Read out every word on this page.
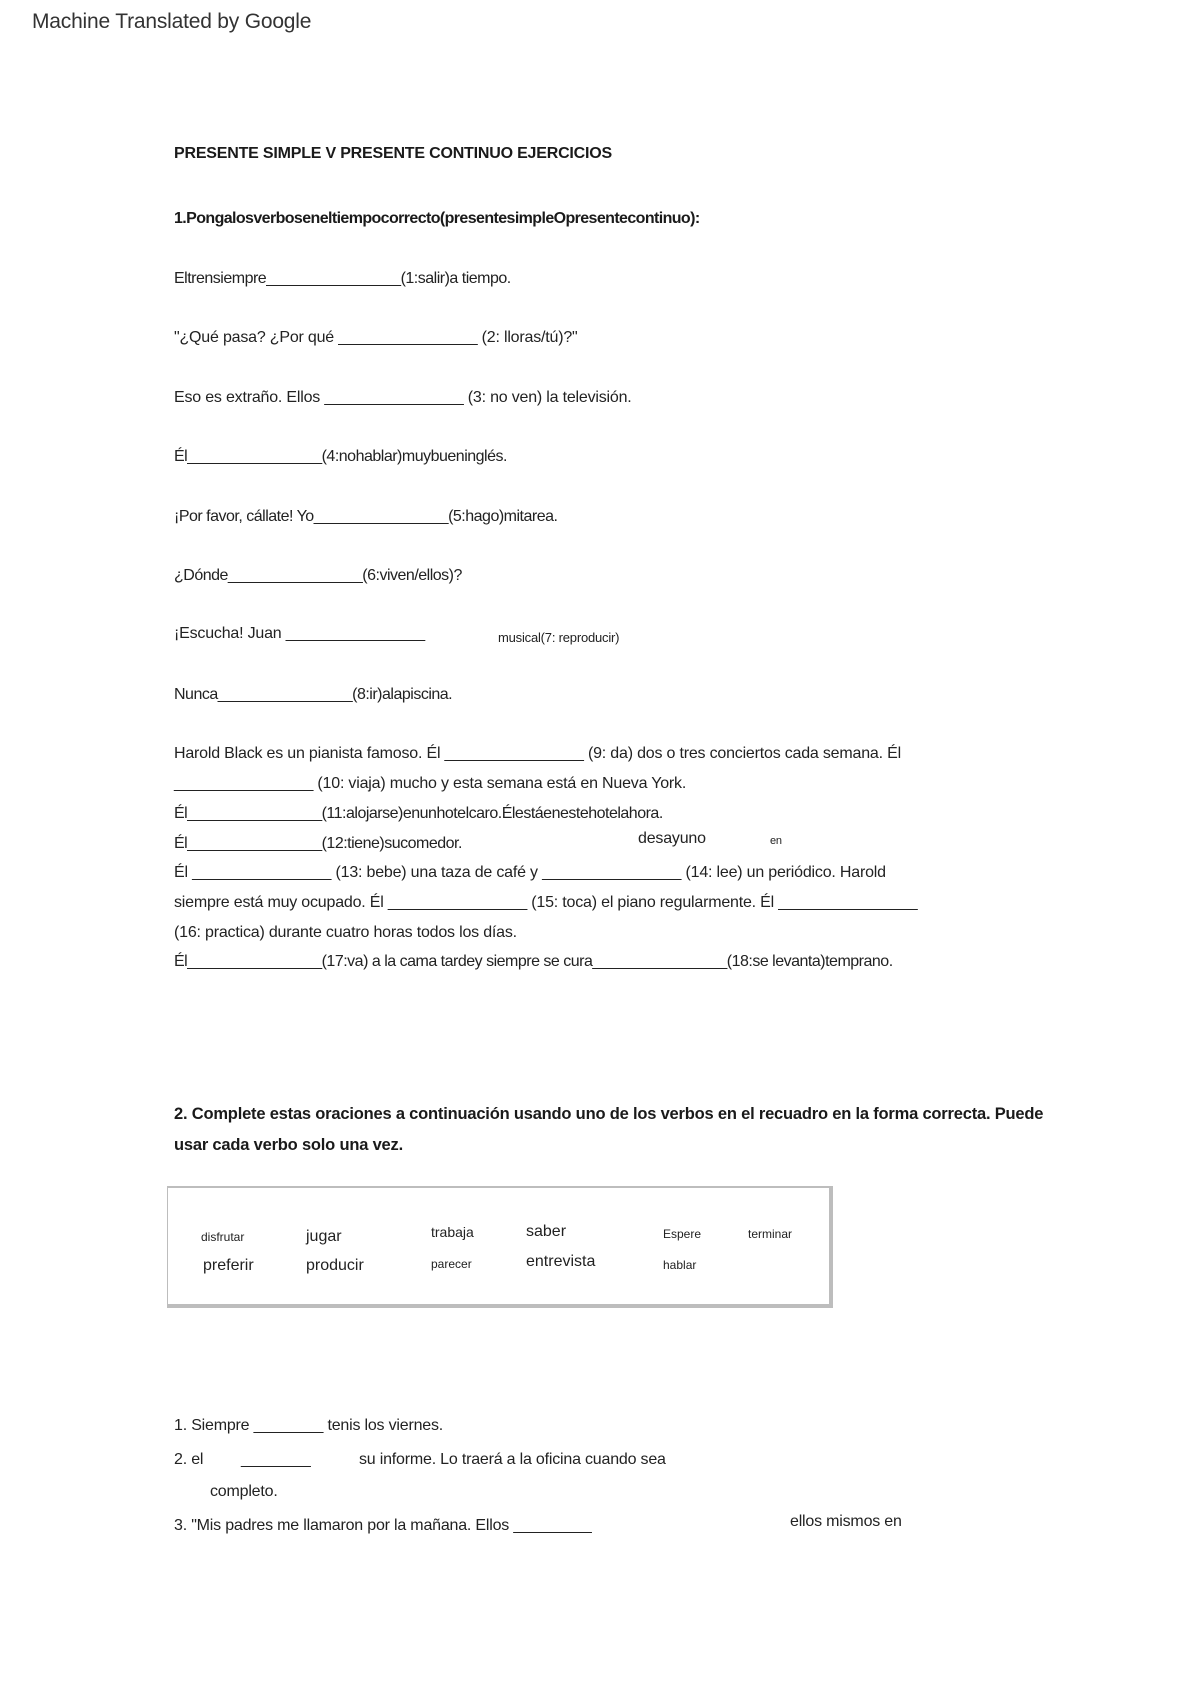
Machine Translated by Google
PRESENTE SIMPLE V PRESENTE CONTINUO EJERCICIOS
1.Pongalosverboseneltiempocorrecto(presentesimpleOpresentecontinuo):
Eltrensiempre________________(1:salir)a tiempo.
"¿Qué pasa? ¿Por qué ________________ (2: lloras/tú)?"
Eso es extraño. Ellos ________________ (3: no ven) la televisión.
Él________________(4:nohablar)muybueninglés.
¡Por favor, cállate! Yo________________(5:hago)mitarea.
¿Dónde________________(6:viven/ellos)?
¡Escucha! Juan ________________	musical(7: reproducir)
Nunca________________(8:ir)alapiscina.
Harold Black es un pianista famoso. Él ________________ (9: da) dos o tres conciertos cada semana. Él
________________ (10: viaja) mucho y esta semana está en Nueva York.
Él________________(11:alojarse)enunhotelcaro.Élestáenestehotelahora.
Él________________(12:tiene)sucomedor.	desayuno	en
Él ________________ (13: bebe) una taza de café y ________________ (14: lee) un periódico. Harold
siempre está muy ocupado. Él ________________ (15: toca) el piano regularmente. Él ________________
(16: practica) durante cuatro horas todos los días.
Él________________(17:va) a la cama tardey siempre se cura________________(18:se levanta)temprano.
2. Complete estas oraciones a continuación usando uno de los verbos en el recuadro en la forma correcta. Puede usar cada verbo solo una vez.
disfrutar	jugar	trabaja	saber	Espere	terminar
preferir	producir	parecer	entrevista	hablar
1. Siempre ________ tenis los viernes.
2. el ________	su informe. Lo traerá a la oficina cuando sea
completo.
3. "Mis padres me llamaron por la mañana. Ellos _________	ellos mismos en
